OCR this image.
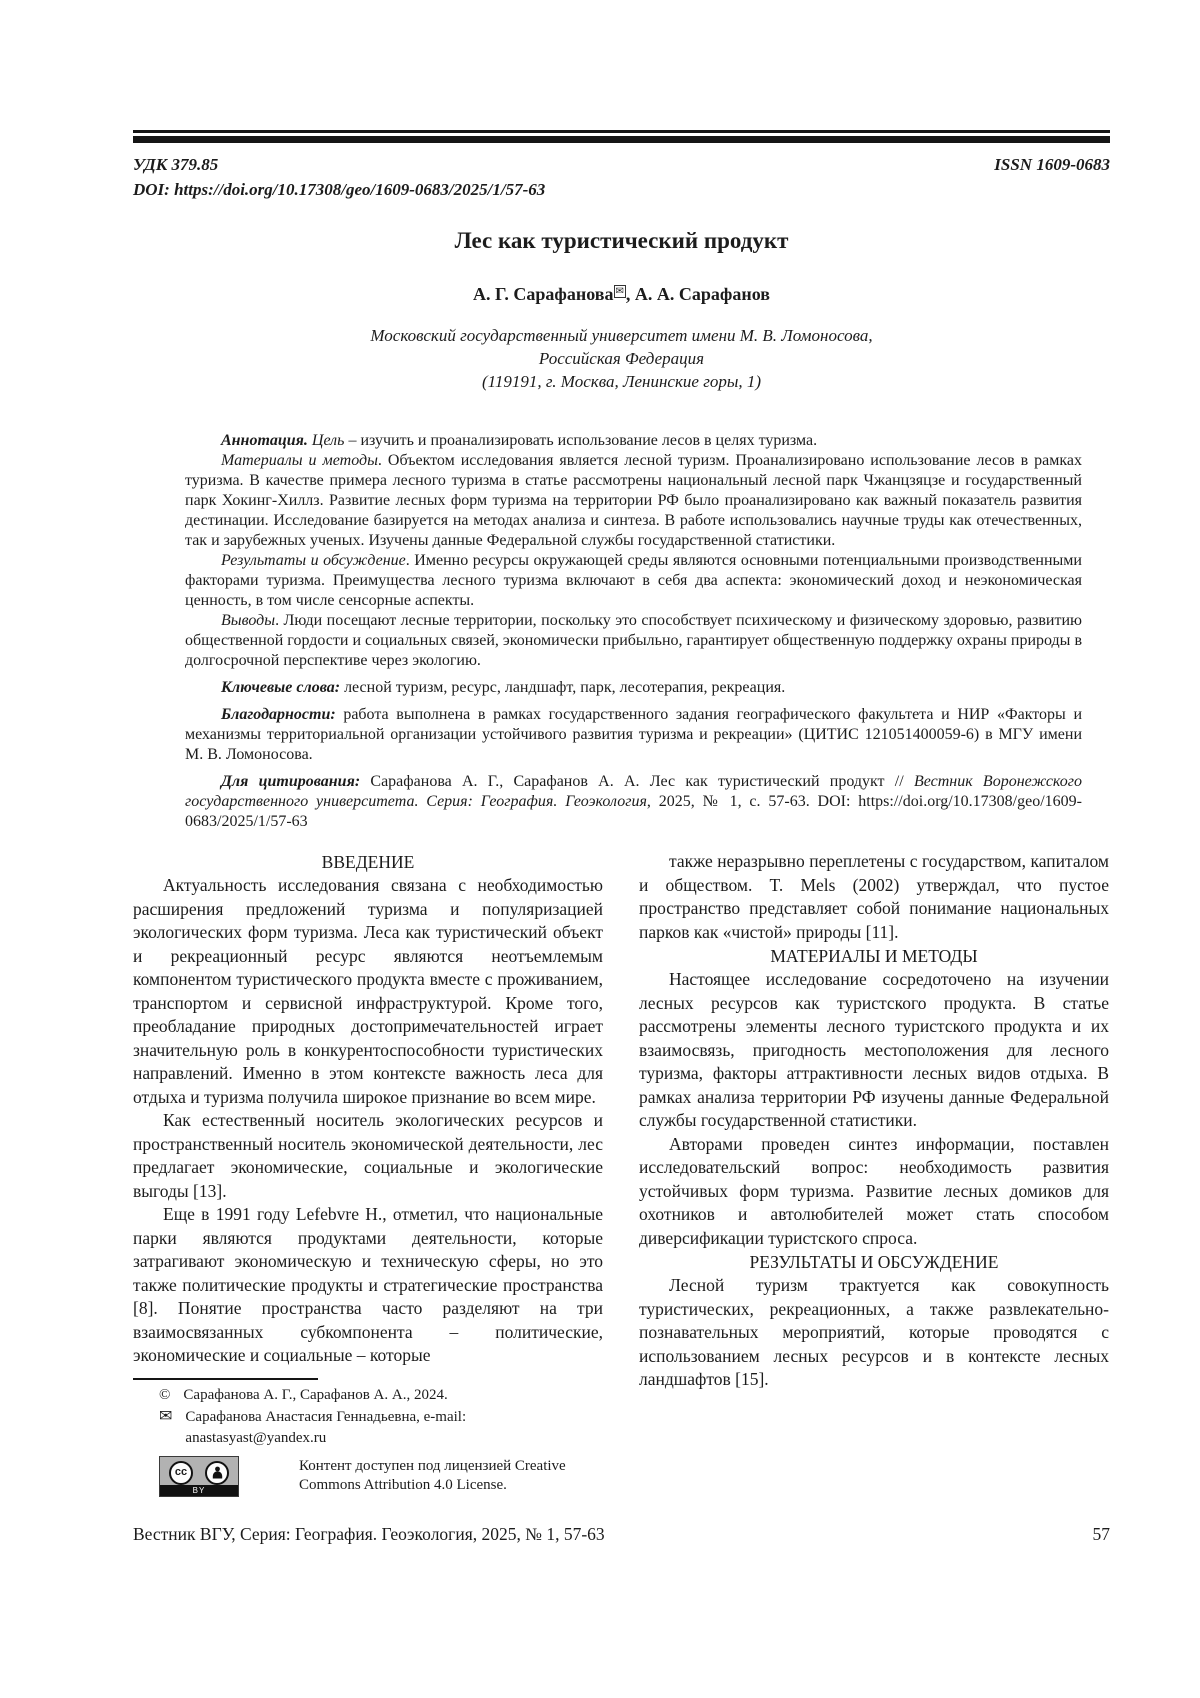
УДК 379.85
DOI: https://doi.org/10.17308/geo/1609-0683/2025/1/57-63
ISSN 1609-0683
Лес как туристический продукт
А. Г. Сарафанова ✉ , А. А. Сарафанов
Московский государственный университет имени М. В. Ломоносова,
Российская Федерация
(119191, г. Москва, Ленинские горы, 1)

Аннотация. Цель – изучить и проанализировать использование лесов в целях туризма.

Материалы и методы. Объектом исследования является лесной туризм. Проанализировано использование лесов в рамках туризма. В качестве примера лесного туризма в статье рассмотрены национальный лесной парк Чжанцзяцзе и государственный парк Хокинг-Хиллз. Развитие лесных форм туризма на территории РФ было проанализировано как важный показатель развития дестинации. Исследование базируется на методах анализа и синтеза. В работе использовались научные труды как отечественных, так и зарубежных ученых. Изучены данные Федеральной службы государственной статистики.

Результаты и обсуждение. Именно ресурсы окружающей среды являются основными потенциальными производственными факторами туризма. Преимущества лесного туризма включают в себя два аспекта: экономический доход и неэкономическая ценность, в том числе сенсорные аспекты.

Выводы. Люди посещают лесные территории, поскольку это способствует психическому и физическому здоровью, развитию общественной гордости и социальных связей, экономически прибыльно, гарантирует общественную поддержку охраны природы в долгосрочной перспективе через экологию.

Ключевые слова: лесной туризм, ресурс, ландшафт, парк, лесотерапия, рекреация.

Благодарности: работа выполнена в рамках государственного задания географического факультета и НИР «Факторы и механизмы территориальной организации устойчивого развития туризма и рекреации» (ЦИТИС 121051400059-6) в МГУ имени М. В. Ломоносова.

Для цитирования: Сарафанова А. Г., Сарафанов А. А. Лес как туристический продукт // Вестник Воронежского государственного университета. Серия: География. Геоэкология, 2025, № 1, с. 57-63. DOI: https://doi.org/10.17308/geo/1609-0683/2025/1/57-63

ВВЕДЕНИЕ

Актуальность исследования связана с необходимостью расширения предложений туризма и популяризацией экологических форм туризма. Леса как туристический объект и рекреационный ресурс являются неотъемлемым компонентом туристического продукта вместе с проживанием, транспортом и сервисной инфраструктурой. Кроме того, преобладание природных достопримечательностей играет значительную роль в конкурентоспособности туристических направлений. Именно в этом контексте важность леса для отдыха и туризма получила широкое признание во всем мире.

Как естественный носитель экологических ресурсов и пространственный носитель экономической деятельности, лес предлагает экономические, социальные и экологические выгоды [13].

Еще в 1991 году Lefebvre H., отметил, что национальные парки являются продуктами деятельности, которые затрагивают экономическую и техническую сферы, но это также политические продукты и стратегические пространства [8]. Понятие пространства часто разделяют на три взаимосвязанных субкомпонента – политические, экономические и социальные – которые

© Сарафанова А. Г., Сарафанов А. А., 2024.
✉ Сарафанова Анастасия Геннадьевна, e-mail: anastasyast@yandex.ru
cc
BY
Контент доступен под лицензией Creative Commons Attribution 4.0 License.

также неразрывно переплетены с государством, капиталом и обществом. T. Mels (2002) утверждал, что пустое пространство представляет собой понимание национальных парков как «чистой» природы [11].

МАТЕРИАЛЫ И МЕТОДЫ

Настоящее исследование сосредоточено на изучении лесных ресурсов как туристского продукта. В статье рассмотрены элементы лесного туристского продукта и их взаимосвязь, пригодность местоположения для лесного туризма, факторы аттрактивности лесных видов отдыха. В рамках анализа территории РФ изучены данные Федеральной службы государственной статистики.

Авторами проведен синтез информации, поставлен исследовательский вопрос: необходимость развития устойчивых форм туризма. Развитие лесных домиков для охотников и автолюбителей может стать способом диверсификации туристского спроса.

РЕЗУЛЬТАТЫ И ОБСУЖДЕНИЕ

Лесной туризм трактуется как совокупность туристических, рекреационных, а также развлекательно-познавательных мероприятий, которые проводятся с использованием лесных ресурсов и в контексте лесных ландшафтов [15].

Вестник ВГУ, Серия: География. Геоэкология, 2025, № 1, 57-63	57
